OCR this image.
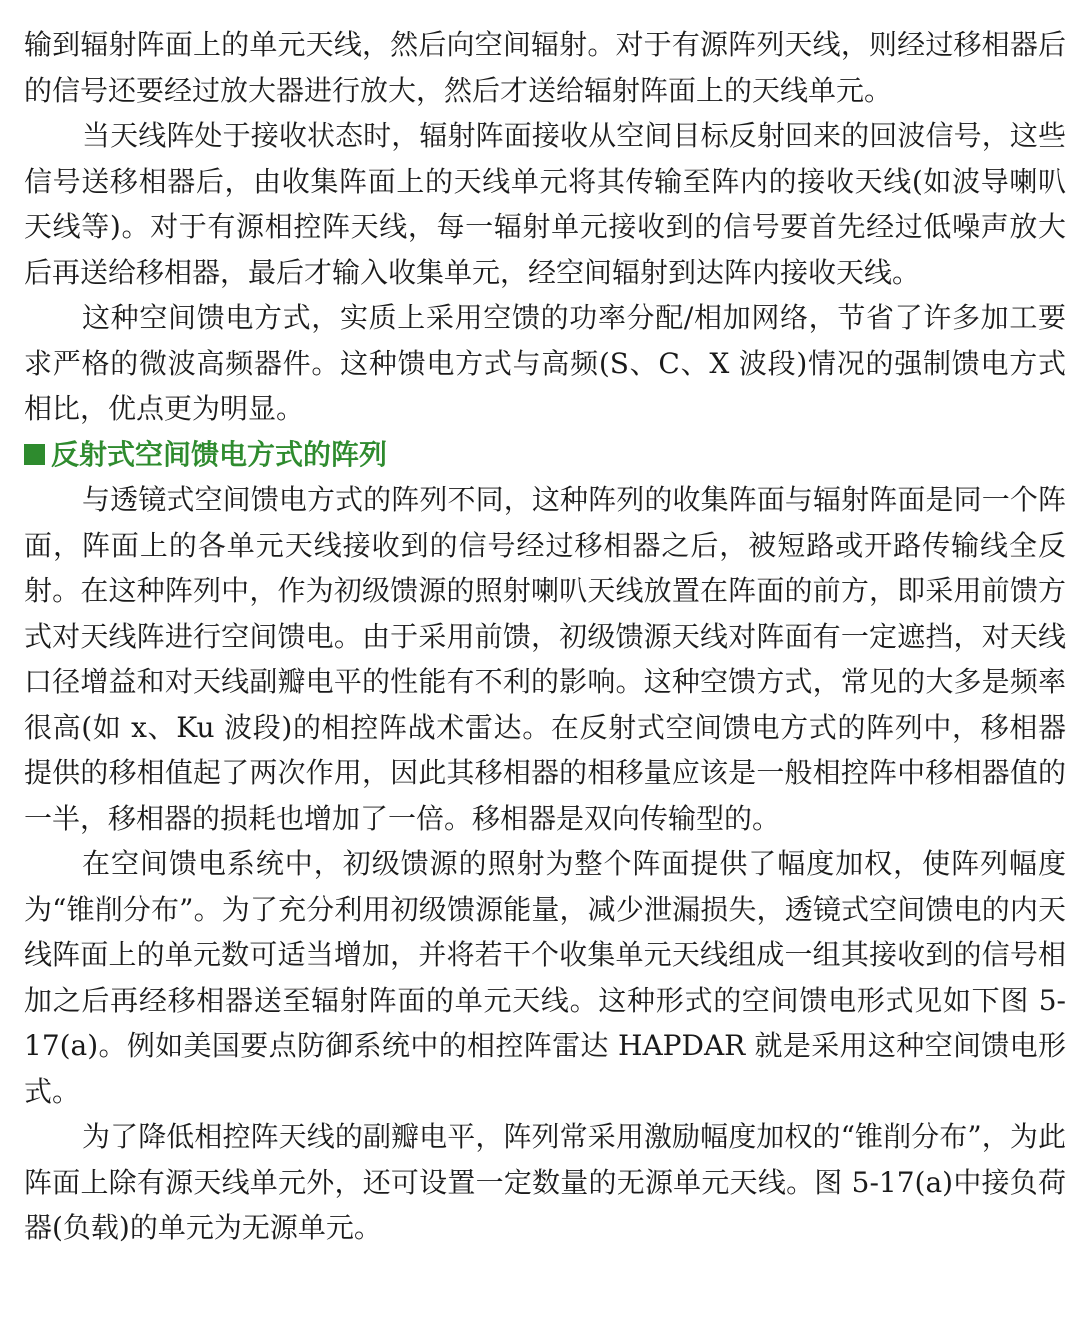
输到辐射阵面上的单元天线，然后向空间辐射。对于有源阵列天线，则经过移相器后的信号还要经过放大器进行放大，然后才送给辐射阵面上的天线单元。

当天线阵处于接收状态时，辐射阵面接收从空间目标反射回来的回波信号，这些信号送移相器后，由收集阵面上的天线单元将其传输至阵内的接收天线(如波导喇叭天线等)。对于有源相控阵天线，每一辐射单元接收到的信号要首先经过低噪声放大后再送给移相器，最后才输入收集单元，经空间辐射到达阵内接收天线。

这种空间馈电方式，实质上采用空馈的功率分配/相加网络，节省了许多加工要求严格的微波高频器件。这种馈电方式与高频(S、C、X 波段)情况的强制馈电方式相比，优点更为明显。

反射式空间馈电方式的阵列

与透镜式空间馈电方式的阵列不同，这种阵列的收集阵面与辐射阵面是同一个阵面，阵面上的各单元天线接收到的信号经过移相器之后，被短路或开路传输线全反射。在这种阵列中，作为初级馈源的照射喇叭天线放置在阵面的前方，即采用前馈方式对天线阵进行空间馈电。由于采用前馈，初级馈源天线对阵面有一定遮挡，对天线口径增益和对天线副瓣电平的性能有不利的影响。这种空馈方式，常见的大多是频率很高(如 x、Ku 波段)的相控阵战术雷达。在反射式空间馈电方式的阵列中，移相器提供的移相值起了两次作用，因此其移相器的相移量应该是一般相控阵中移相器值的一半，移相器的损耗也增加了一倍。移相器是双向传输型的。

在空间馈电系统中，初级馈源的照射为整个阵面提供了幅度加权，使阵列幅度为“锥削分布”。为了充分利用初级馈源能量，减少泄漏损失，透镜式空间馈电的内天线阵面上的单元数可适当增加，并将若干个收集单元天线组成一组其接收到的信号相加之后再经移相器送至辐射阵面的单元天线。这种形式的空间馈电形式见如下图 5-17(a)。例如美国要点防御系统中的相控阵雷达 HAPDAR 就是采用这种空间馈电形式。

为了降低相控阵天线的副瓣电平，阵列常采用激励幅度加权的“锥削分布”，为此阵面上除有源天线单元外，还可设置一定数量的无源单元天线。图 5-17(a)中接负荷器(负载)的单元为无源单元。
